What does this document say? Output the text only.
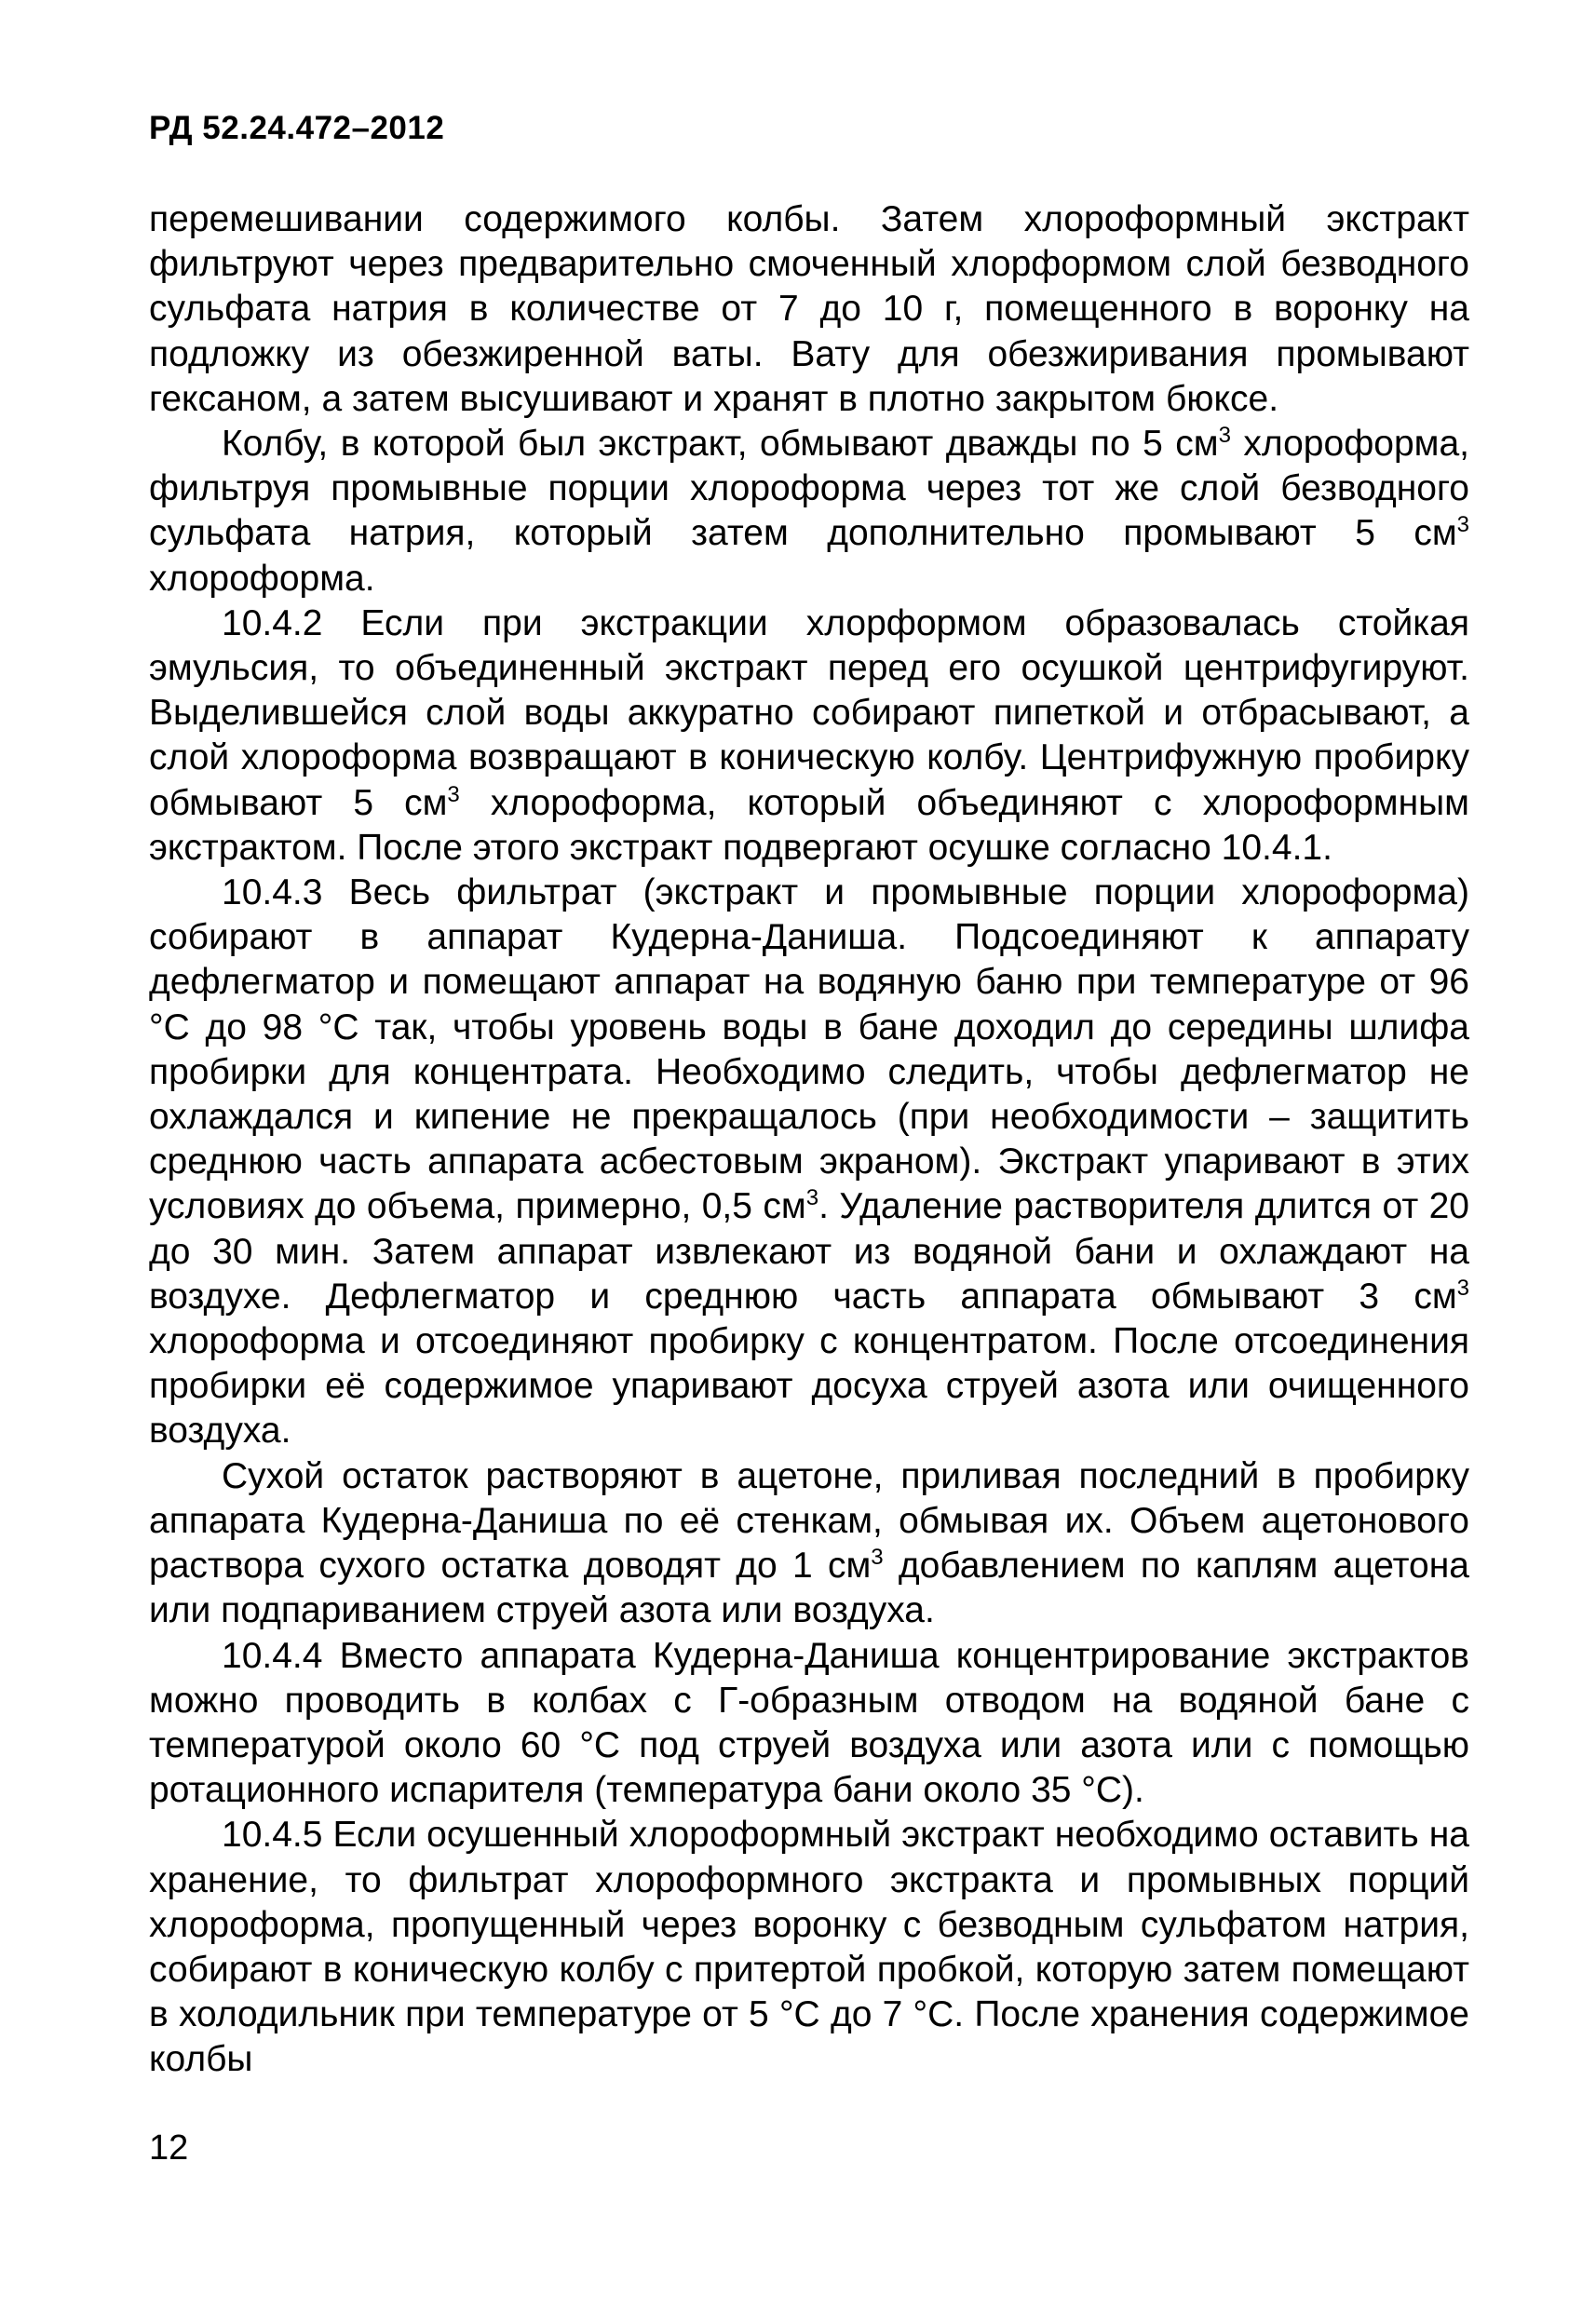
РД 52.24.472–2012

перемешивании содержимого колбы. Затем хлороформный экстракт фильтруют через предварительно смоченный хлорформом слой безводного сульфата натрия в количестве от 7 до 10 г, помещенного в воронку на подложку из обезжиренной ваты. Вату для обезжиривания промывают гексаном, а затем высушивают и хранят в плотно закрытом бюксе.

Колбу, в которой был экстракт, обмывают дважды по 5 $см^3$ хлороформа, фильтруя промывные порции хлороформа через тот же слой безводного сульфата натрия, который затем дополнительно промывают 5 $см^3$ хлороформа.

10.4.2 Если при экстракции хлорформом образовалась стойкая эмульсия, то объединенный экстракт перед его осушкой центрифугируют. Выделившейся слой воды аккуратно собирают пипеткой и отбрасывают, а слой хлороформа возвращают в коническую колбу. Центрифужную пробирку обмывают 5 $см^3$ хлороформа, который объединяют с хлороформным экстрактом. После этого экстракт подвергают осушке согласно 10.4.1.

10.4.3 Весь фильтрат (экстракт и промывные порции хлороформа) собирают в аппарат Кудерна-Даниша. Подсоединяют к аппарату дефлегматор и помещают аппарат на водяную баню при температуре от 96 °С до 98 °С так, чтобы уровень воды в бане доходил до середины шлифа пробирки для концентрата. Необходимо следить, чтобы дефлегматор не охлаждался и кипение не прекращалось (при необходимости – защитить среднюю часть аппарата асбестовым экраном). Экстракт упаривают в этих условиях до объема, примерно, 0,5 $см^3$. Удаление растворителя длится от 20 до 30 мин. Затем аппарат извлекают из водяной бани и охлаждают на воздухе. Дефлегматор и среднюю часть аппарата обмывают 3 $см^3$ хлороформа и отсоединяют пробирку с концентратом. После отсоединения пробирки её содержимое упаривают досуха струей азота или очищенного воздуха.

Сухой остаток растворяют в ацетоне, приливая последний в пробирку аппарата Кудерна-Даниша по её стенкам, обмывая их. Объем ацетонового раствора сухого остатка доводят до 1 $см^3$ добавлением по каплям ацетона или подпариванием струей азота или воздуха.

10.4.4 Вместо аппарата Кудерна-Даниша концентрирование экстрактов можно проводить в колбах с Г-образным отводом на водяной бане с температурой около 60 °С под струей воздуха или азота или с помощью ротационного испарителя (температура бани около 35 °С).

10.4.5 Если осушенный хлороформный экстракт необходимо оставить на хранение, то фильтрат хлороформного экстракта и промывных порций хлороформа, пропущенный через воронку с безводным сульфатом натрия, собирают в коническую колбу с притертой пробкой, которую затем помещают в холодильник при температуре от 5 °С до 7 °С. После хранения содержимое колбы

12
